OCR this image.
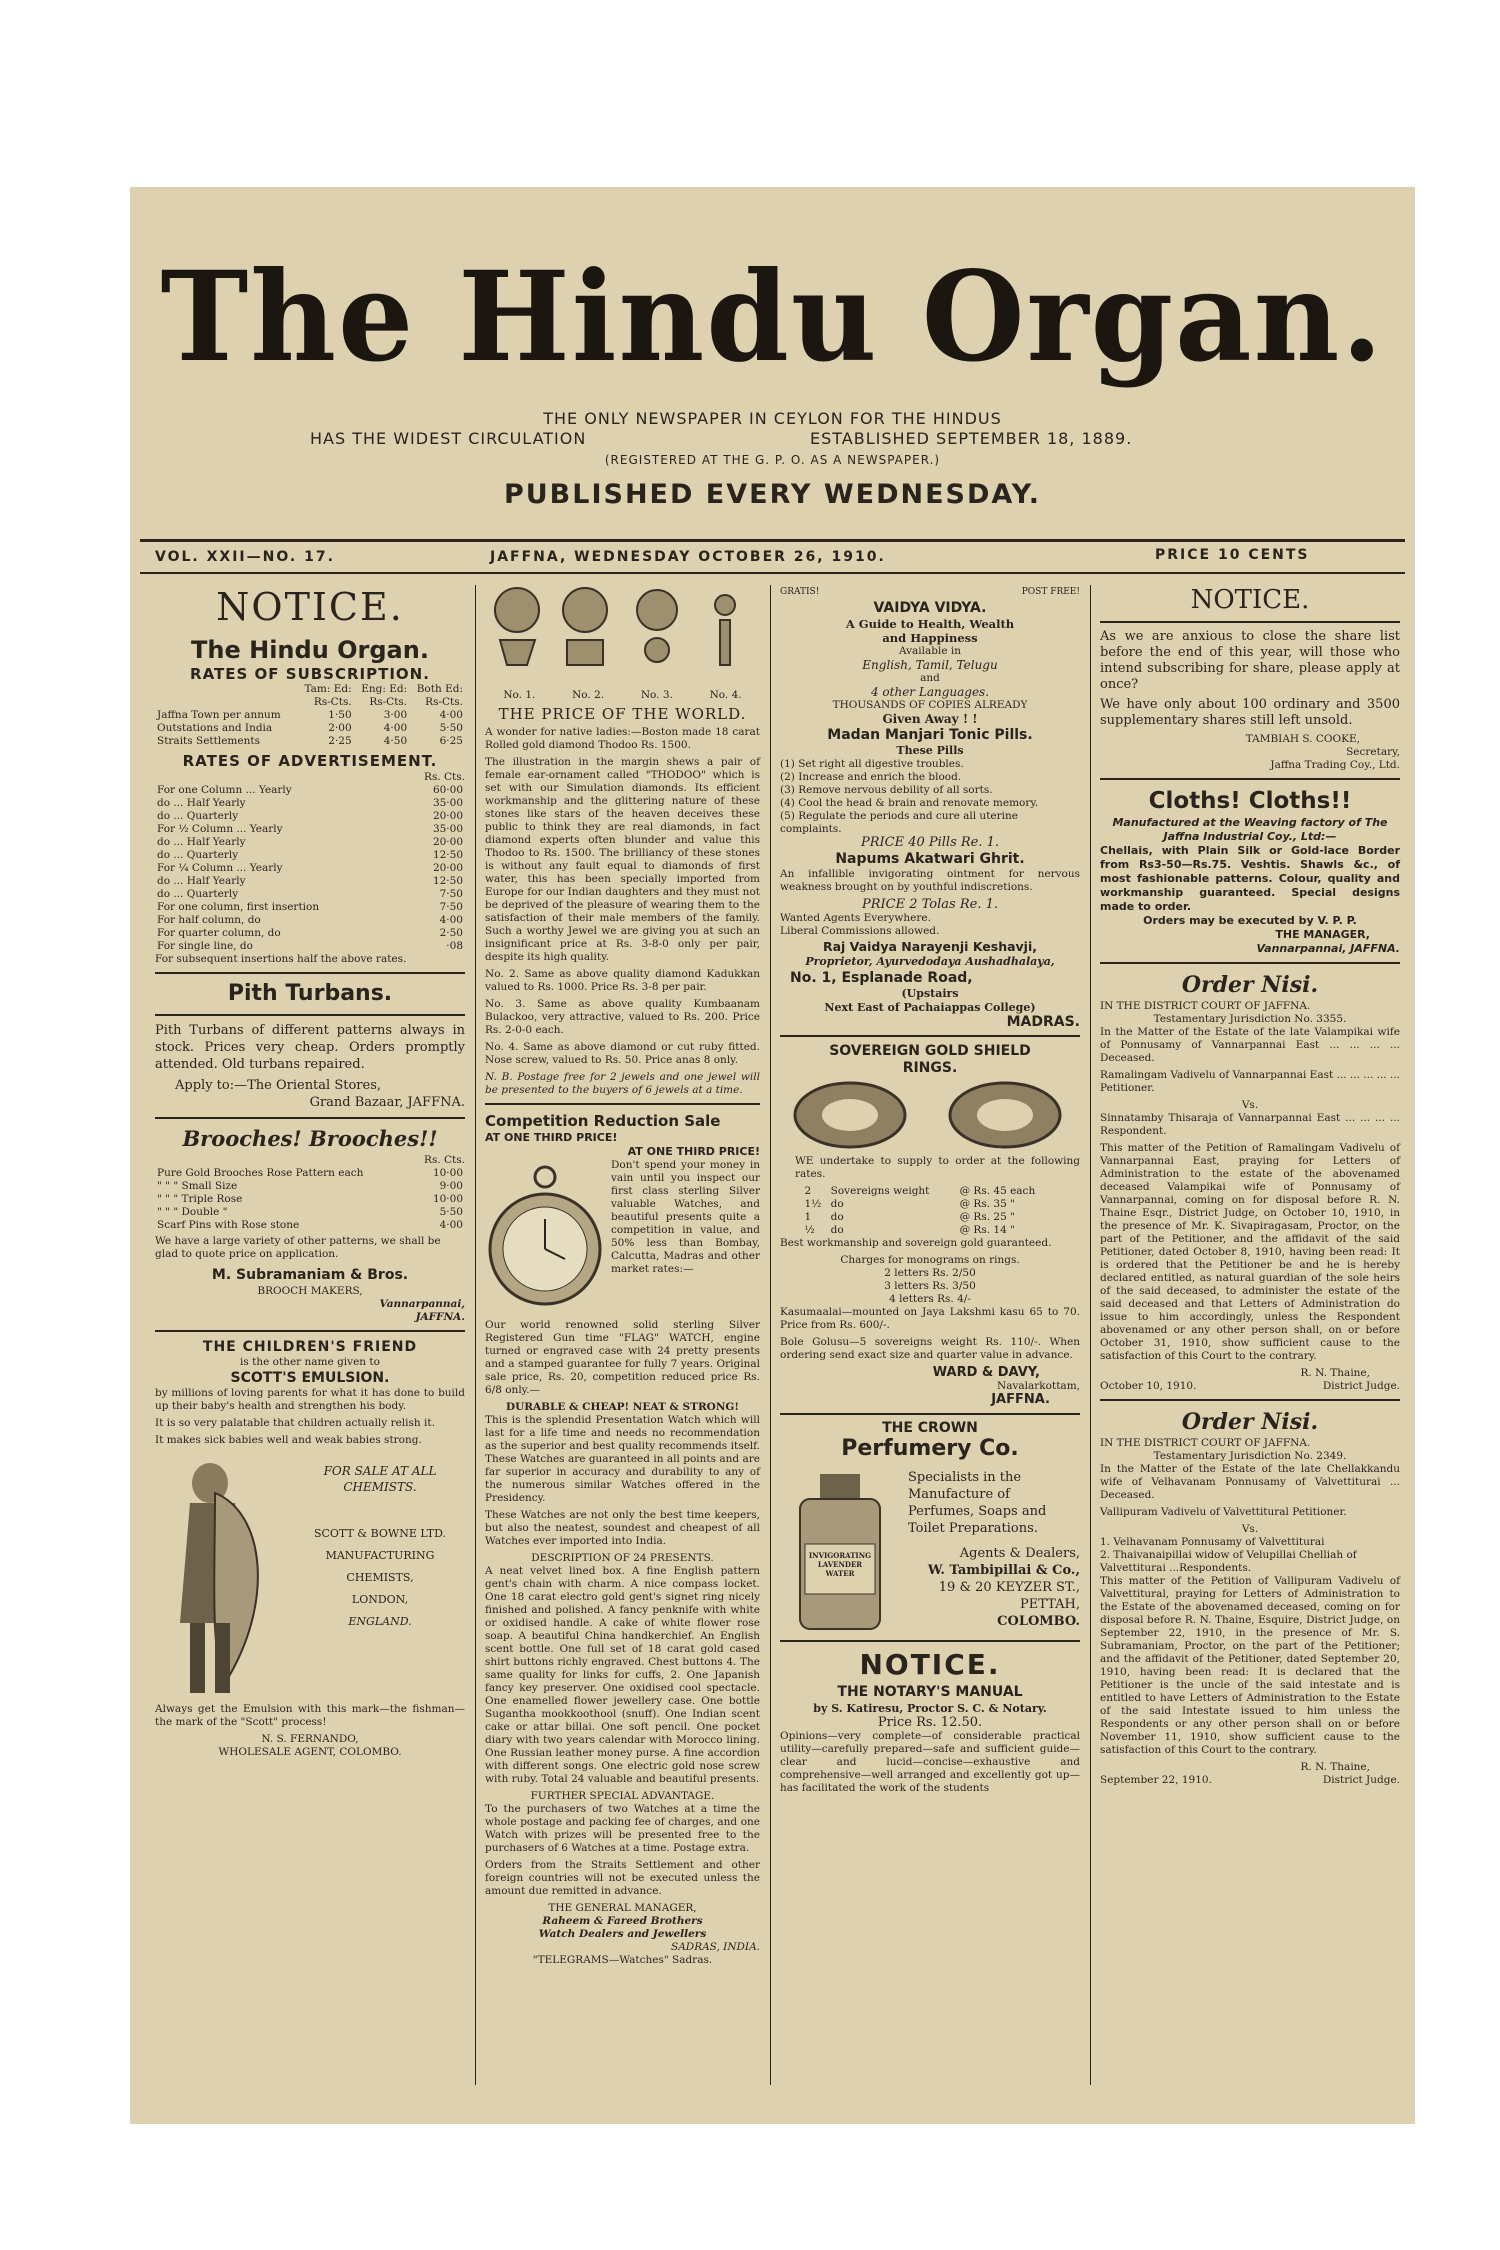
The Hindu Organ.
THE ONLY NEWSPAPER IN CEYLON FOR THE HINDUS
HAS THE WIDEST CIRCULATION	ESTABLISHED SEPTEMBER 18, 1889.
(REGISTERED AT THE G. P. O. AS A NEWSPAPER.)
PUBLISHED EVERY WEDNESDAY.
VOL. XXII—NO. 17.	JAFFNA, WEDNESDAY OCTOBER 26, 1910.	PRICE 10 CENTS
NOTICE.
The Hindu Organ.
RATES OF SUBSCRIPTION.
	Tam: Ed:	Eng: Ed:	Both Ed:
	Rs-Cts.	Rs-Cts.	Rs-Cts.
Jaffna Town per annum	1·50	3·00	4·00
Outstations and India	2·00	4·00	5·50
Straits Settlements	2·25	4·50	6·25
RATES OF ADVERTISEMENT.
Rs. Cts.
For one Column ... Yearly	60·00
do ... Half Yearly	35·00
do ... Quarterly	20·00
For ½ Column ... Yearly	35·00
do ... Half Yearly	20·00
do ... Quarterly	12·50
For ¼ Column ... Yearly	20·00
do ... Half Yearly	12·50
do ... Quarterly	7·50
For one column, first insertion	7·50
For half column, do	4·00
For quarter column, do	2·50
For single line, do	·08
For subsequent insertions half the above rates.
Pith Turbans.

Pith Turbans of different patterns always in stock. Prices very cheap. Orders promptly attended. Old turbans repaired.

Apply to:—The Oriental Stores,
Grand Bazaar, JAFFNA.
Brooches! Brooches!!
Rs. Cts.
Pure Gold Brooches Rose Pattern each	10·00
" " " Small Size	9·00
" " " Triple Rose	10·00
" " " Double "	5·50
Scarf Pins with Rose stone	4·00
We have a large variety of other patterns, we shall be glad to quote price on application.
M. Subramaniam & Bros.
BROOCH MAKERS,
Vannarpannai,
JAFFNA.
THE CHILDREN'S FRIEND
is the other name given to
SCOTT'S EMULSION.

by millions of loving parents for what it has done to build up their baby's health and strengthen his body.

It is so very palatable that children actually relish it.

It makes sick babies well and weak babies strong.

FOR SALE AT ALL CHEMISTS.
SCOTT & BOWNE LTD.
MANUFACTURING
CHEMISTS,
LONDON,
ENGLAND.

Always get the Emulsion with this mark—the fishman—the mark of the "Scott" process!

N. S. FERNANDO,
WHOLESALE AGENT, COLOMBO.
No. 1.	No. 2.	No. 3.	No. 4.
THE PRICE OF THE WORLD.

A wonder for native ladies:—Boston made 18 carat Rolled gold diamond Thodoo Rs. 1500.

The illustration in the margin shews a pair of female ear-ornament called "THODOO" which is set with our Simulation diamonds. Its efficient workmanship and the glittering nature of these stones like stars of the heaven deceives these public to think they are real diamonds, in fact diamond experts often blunder and value this Thodoo to Rs. 1500. The brilliancy of these stones is without any fault equal to diamonds of first water, this has been specially imported from Europe for our Indian daughters and they must not be deprived of the pleasure of wearing them to the satisfaction of their male members of the family. Such a worthy Jewel we are giving you at such an insignificant price at Rs. 3-8-0 only per pair, despite its high quality.

No. 2. Same as above quality diamond Kadukkan valued to Rs. 1000. Price Rs. 3-8 per pair.

No. 3. Same as above quality Kumbaanam Bulackoo, very attractive, valued to Rs. 200. Price Rs. 2-0-0 each.

No. 4. Same as above diamond or cut ruby fitted. Nose screw, valued to Rs. 50. Price anas 8 only.

N. B. Postage free for 2 jewels and one jewel will be presented to the buyers of 6 jewels at a time.

Competition Reduction Sale
AT ONE THIRD PRICE!
AT ONE THIRD PRICE!

Don't spend your money in vain until you inspect our first class sterling Silver valuable Watches, and beautiful presents quite a competition in value, and 50% less than Bombay, Calcutta, Madras and other market rates:—

Our world renowned solid sterling Silver Registered Gun time "FLAG" WATCH, engine turned or engraved case with 24 pretty presents and a stamped guarantee for fully 7 years. Original sale price, Rs. 20, competition reduced price Rs. 6/8 only.—

DURABLE & CHEAP! NEAT & STRONG!

This is the splendid Presentation Watch which will last for a life time and needs no recommendation as the superior and best quality recommends itself. These Watches are guaranteed in all points and are far superior in accuracy and durability to any of the numerous similar Watches offered in the Presidency.

These Watches are not only the best time keepers, but also the neatest, soundest and cheapest of all Watches ever imported into India.

DESCRIPTION OF 24 PRESENTS.

A neat velvet lined box. A fine English pattern gent's chain with charm. A nice compass locket. One 18 carat electro gold gent's signet ring nicely finished and polished. A fancy penknife with white or oxidised handle. A cake of white flower rose soap. A beautiful China handkerchief. An English scent bottle. One full set of 18 carat gold cased shirt buttons richly engraved. Chest buttons 4. The same quality for links for cuffs, 2. One Japanish fancy key preserver. One oxidised cool spectacle. One enamelled flower jewellery case. One bottle Sugantha mookkoothool (snuff). One Indian scent cake or attar billai. One soft pencil. One pocket diary with two years calendar with Morocco lining. One Russian leather money purse. A fine accordion with different songs. One electric gold nose screw with ruby. Total 24 valuable and beautiful presents.

FURTHER SPECIAL ADVANTAGE.

To the purchasers of two Watches at a time the whole postage and packing fee of charges, and one Watch with prizes will be presented free to the purchasers of 6 Watches at a time. Postage extra.

Orders from the Straits Settlement and other foreign countries will not be executed unless the amount due remitted in advance.

THE GENERAL MANAGER,
Raheem & Fareed Brothers
Watch Dealers and Jewellers
SADRAS, INDIA.
"TELEGRAMS—Watches" Sadras.
GRATIS!	POST FREE!
VAIDYA VIDYA.
A Guide to Health, Wealth and Happiness
Available in
English, Tamil, Telugu
and
4 other Languages.
THOUSANDS OF COPIES ALREADY
Given Away ! !
Madan Manjari Tonic Pills.
These Pills
(1) Set right all digestive troubles.
(2) Increase and enrich the blood.
(3) Remove nervous debility of all sorts.
(4) Cool the head & brain and renovate memory.
(5) Regulate the periods and cure all uterine complaints.
PRICE 40 Pills Re. 1.
Napums Akatwari Ghrit.

An infallible invigorating ointment for nervous weakness brought on by youthful indiscretions.

PRICE 2 Tolas Re. 1.
Wanted Agents Everywhere.
Liberal Commissions allowed.
Raj Vaidya Narayenji Keshavji,
Proprietor, Ayurvedodaya Aushadhalaya,
No. 1, Esplanade Road,
(Upstairs
Next East of Pachaiappas College)
MADRAS.
SOVEREIGN GOLD SHIELD RINGS.

WE undertake to supply to order at the following rates.

2	Sovereigns weight	@ Rs. 45 each
1½	do	@ Rs. 35 "
1	do	@ Rs. 25 "
½	do	@ Rs. 14 "

Best workmanship and sovereign gold guaranteed.

Charges for monograms on rings.
2 letters Rs. 2/50
3 letters Rs. 3/50
4 letters Rs. 4/-

Kasumaalai—mounted on Jaya Lakshmi kasu 65 to 70. Price from Rs. 600/-.

Bole Golusu—5 sovereigns weight Rs. 110/-. When ordering send exact size and quarter value in advance.

WARD & DAVY,
Navalarkottam,
JAFFNA.
THE CROWN
Perfumery Co.
INVIGORATING LAVENDER WATER
Specialists in the Manufacture of Perfumes, Soaps and Toilet Preparations.
Agents & Dealers,
W. Tambipillai & Co.,
19 & 20 KEYZER ST.,
PETTAH,
COLOMBO.
NOTICE.
THE NOTARY'S MANUAL
by S. Katiresu, Proctor S. C. & Notary.
Price Rs. 12.50.

Opinions—very complete—of considerable practical utility—carefully prepared—safe and sufficient guide—clear and lucid—concise—exhaustive and comprehensive—well arranged and excellently got up—has facilitated the work of the students

NOTICE.

As we are anxious to close the share list before the end of this year, will those who intend subscribing for share, please apply at once?

We have only about 100 ordinary and 3500 supplementary shares still left unsold.

TAMBIAH S. COOKE,
Secretary,
Jaffna Trading Coy., Ltd.
Cloths! Cloths!!
Manufactured at the Weaving factory of The Jaffna Industrial Coy., Ltd:—
Chellais, with Plain Silk or Gold-lace Border from Rs3-50—Rs.75. Veshtis. Shawls &c., of most fashionable patterns. Colour, quality and workmanship guaranteed. Special designs made to order.
Orders may be executed by V. P. P.
THE MANAGER,
Vannarpannai, JAFFNA.
Order Nisi.
IN THE DISTRICT COURT OF JAFFNA.
Testamentary Jurisdiction No. 3355.

In the Matter of the Estate of the late Valampikai wife of Ponnusamy of Vannarpannai East ... ... ... ... Deceased.

Ramalingam Vadivelu of Vannarpannai East ... ... ... ... ... Petitioner.

Vs.

Sinnatamby Thisaraja of Vannarpannai East ... ... ... ... Respondent.

This matter of the Petition of Ramalingam Vadivelu of Vannarpannai East, praying for Letters of Administration to the estate of the abovenamed deceased Valampikai wife of Ponnusamy of Vannarpannai, coming on for disposal before R. N. Thaine Esqr., District Judge, on October 10, 1910, in the presence of Mr. K. Sivapiragasam, Proctor, on the part of the Petitioner, and the affidavit of the said Petitioner, dated October 8, 1910, having been read: It is ordered that the Petitioner be and he is hereby declared entitled, as natural guardian of the sole heirs of the said deceased, to administer the estate of the said deceased and that Letters of Administration do issue to him accordingly, unless the Respondent abovenamed or any other person shall, on or before October 31, 1910, show sufficient cause to the satisfaction of this Court to the contrary.

R. N. Thaine,
October 10, 1910.	District Judge.
Order Nisi.
IN THE DISTRICT COURT OF JAFFNA.
Testamentary Jurisdiction No. 2349.

In the Matter of the Estate of the late Chellakkandu wife of Velhavanam Ponnusamy of Valvettiturai ... Deceased.

Vallipuram Vadivelu of Valvettitural Petitioner.

Vs.
1. Velhavanam Ponnusamy of Valvettiturai
2. Thaivanaipillai widow of Velupillai Chelliah of Valvettiturai ...Respondents.

This matter of the Petition of Vallipuram Vadivelu of Valvettitural, praying for Letters of Administration to the Estate of the abovenamed deceased, coming on for disposal before R. N. Thaine, Esquire, District Judge, on September 22, 1910, in the presence of Mr. S. Subramaniam, Proctor, on the part of the Petitioner; and the affidavit of the Petitioner, dated September 20, 1910, having been read: It is declared that the Petitioner is the uncle of the said intestate and is entitled to have Letters of Administration to the Estate of the said Intestate issued to him unless the Respondents or any other person shall on or before November 11, 1910, show sufficient cause to the satisfaction of this Court to the contrary.

R. N. Thaine,
September 22, 1910.	District Judge.
